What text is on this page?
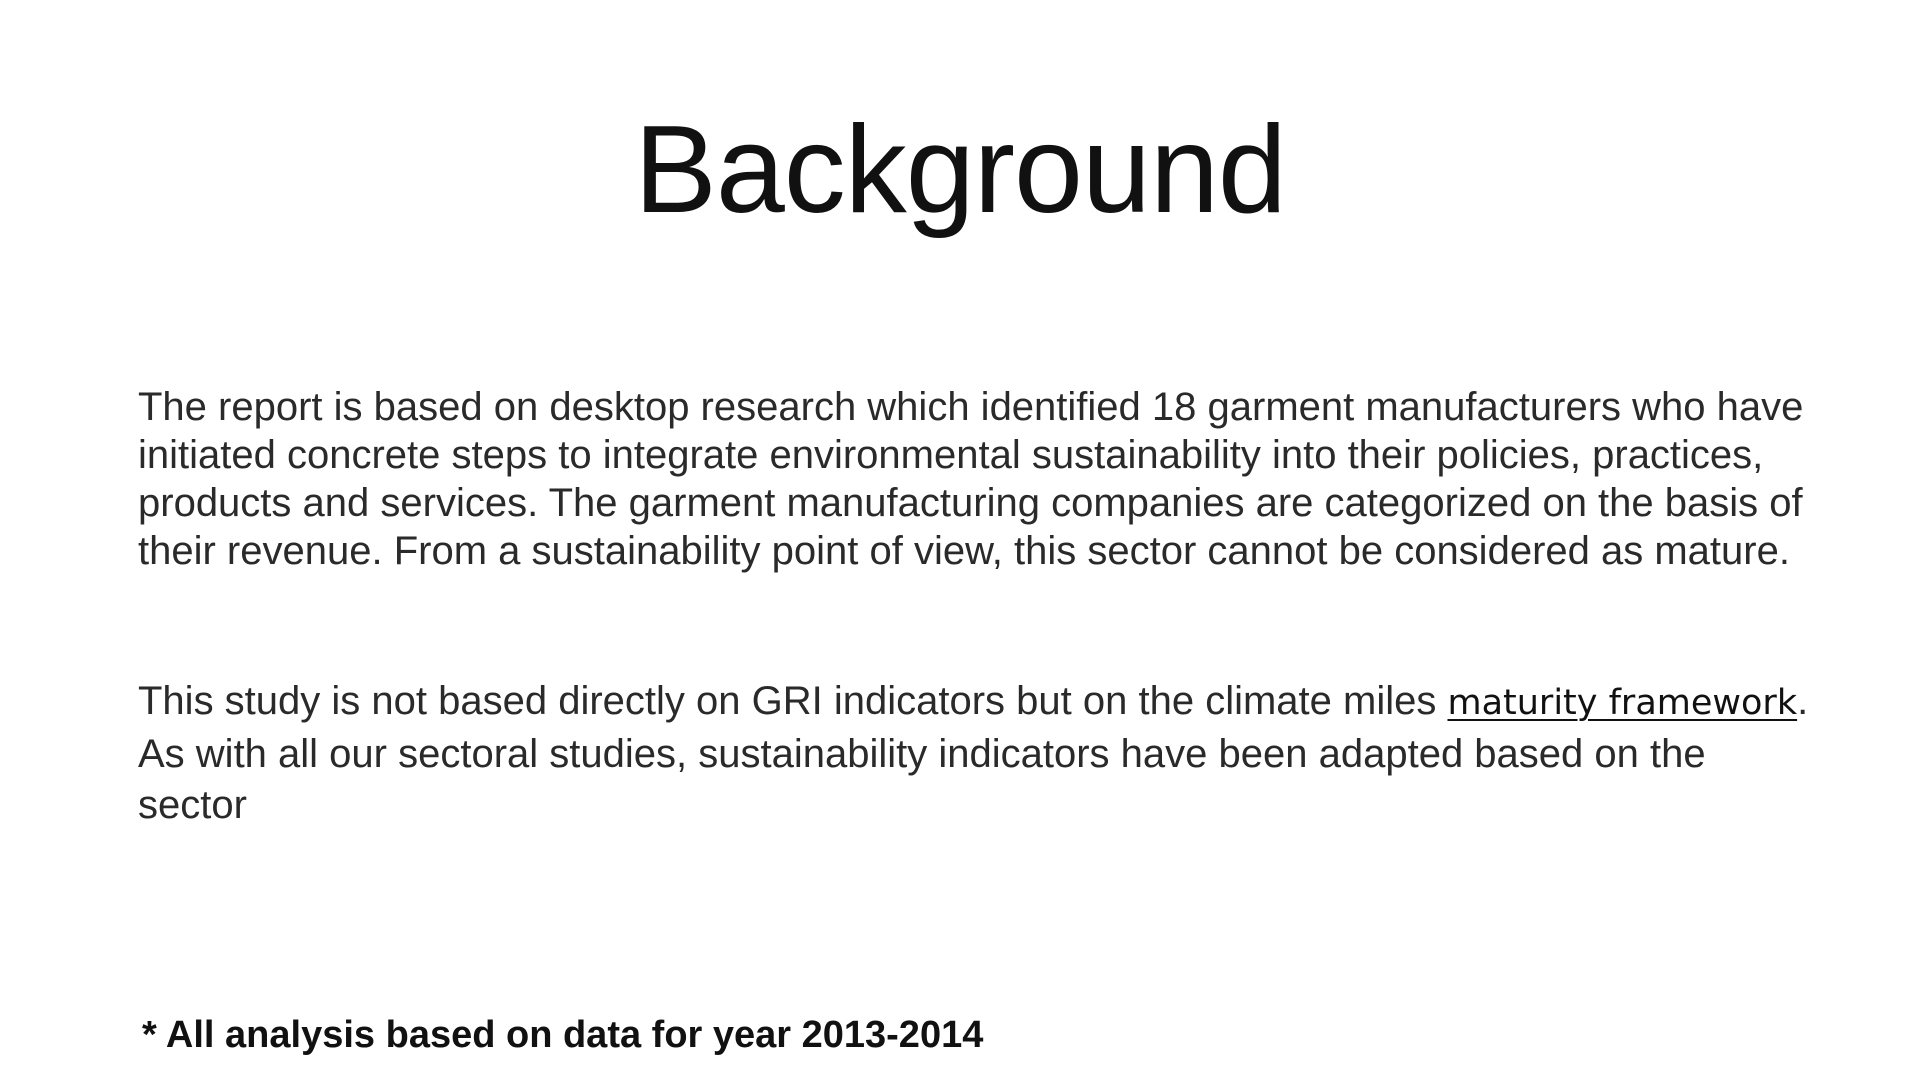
Background

The report is based on desktop research which identified 18 garment manufacturers who have initiated concrete steps to integrate environmental sustainability into their policies, practices, products and services. The garment manufacturing companies are categorized on the basis of their revenue. From a sustainability point of view, this sector cannot be considered as mature.

This study is not based directly on GRI indicators but on the climate miles maturity framework. As with all our sectoral studies, sustainability indicators have been adapted based on the sector

* All analysis based on data for year 2013-2014
